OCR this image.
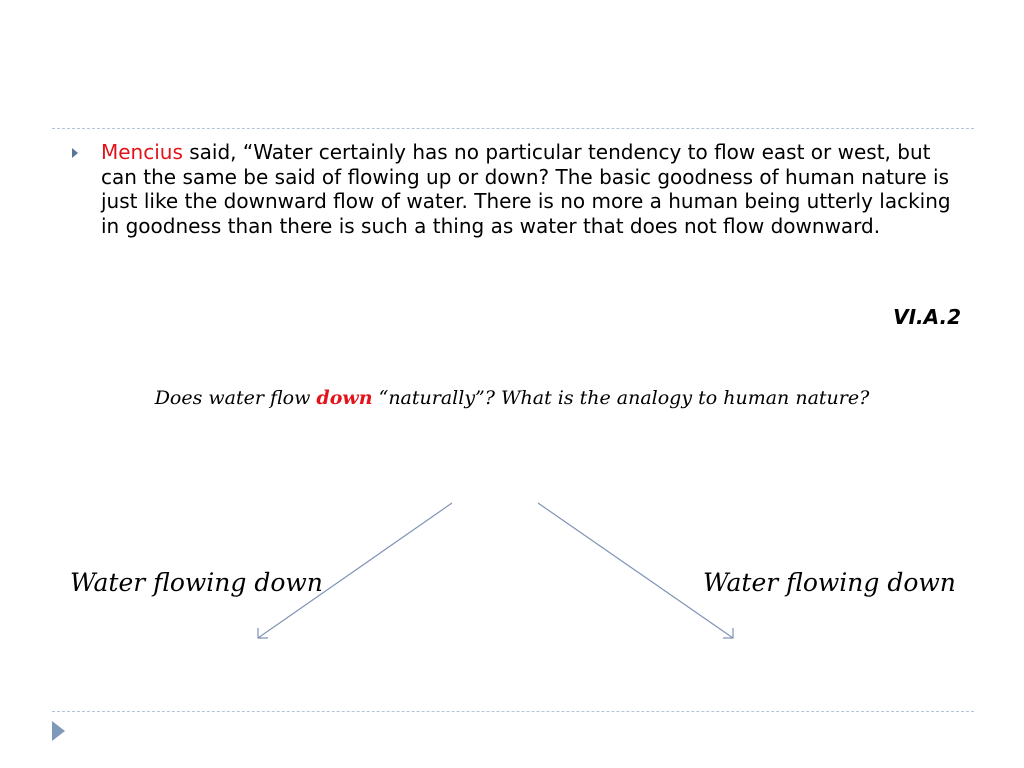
Mencius said, “Water certainly has no particular tendency to flow east or west, but can the same be said of flowing up or down? The basic goodness of human nature is just like the downward flow of water. There is no more a human being utterly lacking in goodness than there is such a thing as water that does not flow downward.
VI.A.2
Does water flow down “naturally”? What is the analogy to human nature?
Water flowing down	Water flowing down
